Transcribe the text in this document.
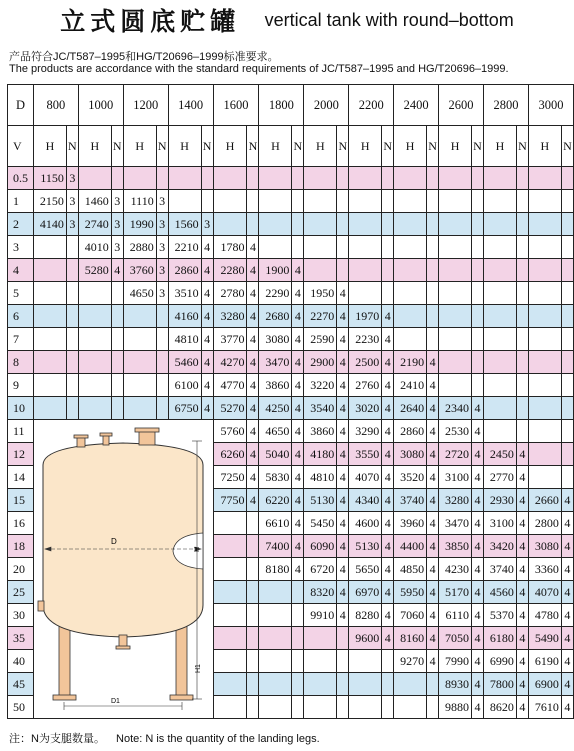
立式圆底贮罐 vertical tank with round–bottom
产品符合JC/T587–1995和HG/T20696–1999标准要求。
The products are accordance with the standard requirements of JC/T587–1995 and HG/T20696–1999.
D	800		1000		1200		1400		1600		1800		2000		2200		2400		2600		2800		3000	
V	H	N	H	N	H	N	H	N	H	N	H	N	H	N	H	N	H	N	H	N	H	N	H	N
0.5	1150	3																						
1	2150	3	1460	3	1110	3																		
2	4140	3	2740	3	1990	3	1560	3																
3			4010	3	2880	3	2210	4	1780	4														
4			5280	4	3760	3	2860	4	2280	4	1900	4												
5					4650	3	3510	4	2780	4	2290	4	1950	4										
6							4160	4	3280	4	2680	4	2270	4	1970	4								
7							4810	4	3770	4	3080	4	2590	4	2230	4								
8							5460	4	4270	4	3470	4	2900	4	2500	4	2190	4						
9							6100	4	4770	4	3860	4	3220	4	2760	4	2410	4						
10							6750	4	5270	4	4250	4	3540	4	3020	4	2640	4	2340	4				
11									5760	4	4650	4	3860	4	3290	4	2860	4	2530	4				
12									6260	4	5040	4	4180	4	3550	4	3080	4	2720	4	2450	4		
14									7250	4	5830	4	4810	4	4070	4	3520	4	3100	4	2770	4		
15									7750	4	6220	4	5130	4	4340	4	3740	4	3280	4	2930	4	2660	4
16											6610	4	5450	4	4600	4	3960	4	3470	4	3100	4	2800	4
18											7400	4	6090	4	5130	4	4400	4	3850	4	3420	4	3080	4
20											8180	4	6720	4	5650	4	4850	4	4230	4	3740	4	3360	4
25													8320	4	6970	4	5950	4	5170	4	4560	4	4070	4
30													9910	4	8280	4	7060	4	6110	4	5370	4	4780	4
35															9600	4	8160	4	7050	4	6180	4	5490	4
40																	9270	4	7990	4	6990	4	6190	4
45																			8930	4	7800	4	6900	4
50																			9880	4	8620	4	7610	4
D
H
H1
D1
注：N为支腿数量。 Note: N is the quantity of the landing legs.
